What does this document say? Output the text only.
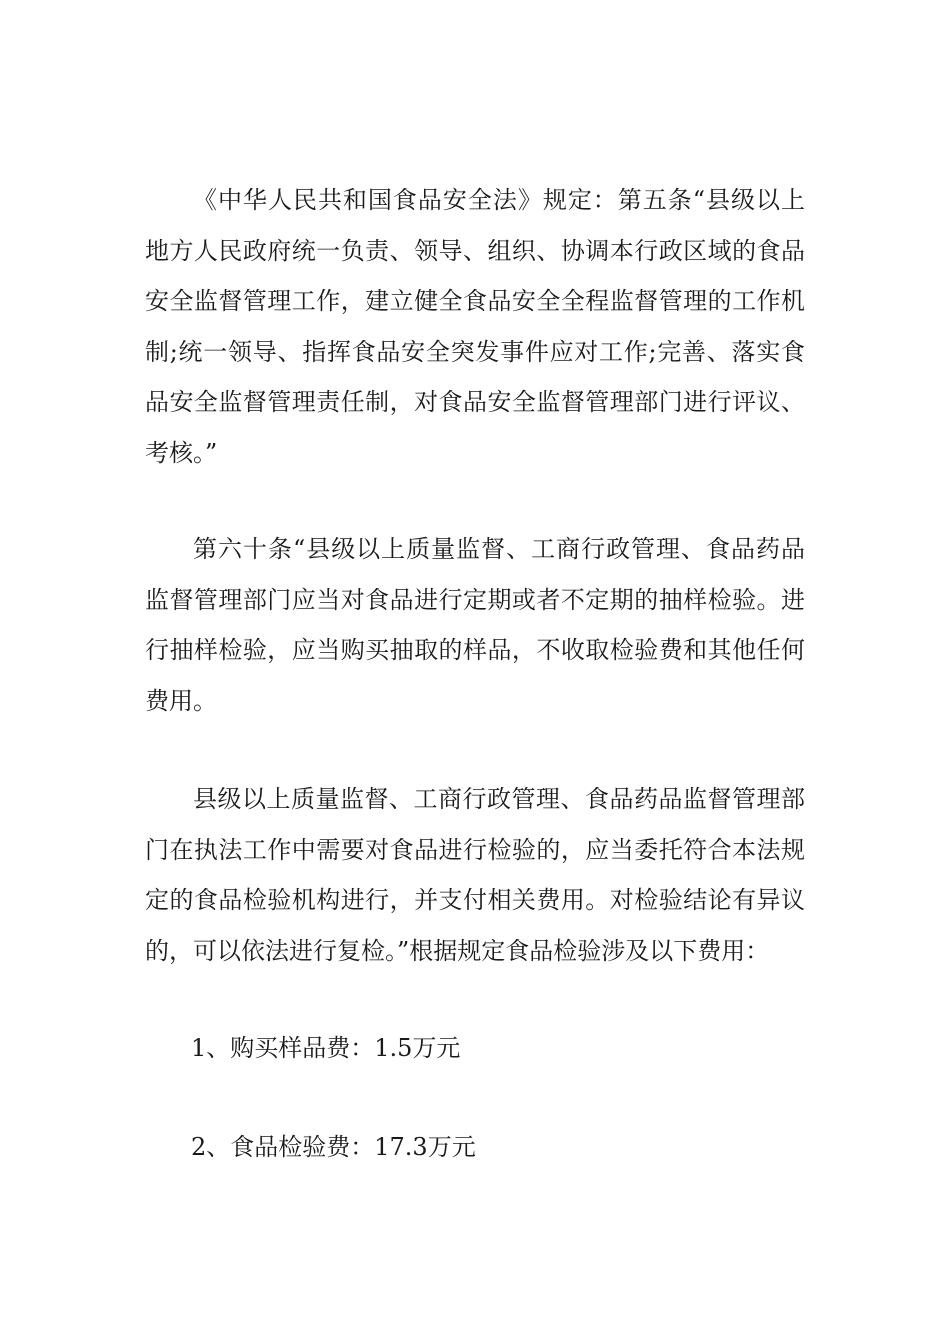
《中华人民共和国食品安全法》规定：第五条“县级以上地方人民政府统一负责、领导、组织、协调本行政区域的食品安全监督管理工作，建立健全食品安全全程监督管理的工作机制;统一领导、指挥食品安全突发事件应对工作;完善、落实食品安全监督管理责任制，对食品安全监督管理部门进行评议、考核。”

第六十条“县级以上质量监督、工商行政管理、食品药品监督管理部门应当对食品进行定期或者不定期的抽样检验。进行抽样检验，应当购买抽取的样品，不收取检验费和其他任何费用。

县级以上质量监督、工商行政管理、食品药品监督管理部门在执法工作中需要对食品进行检验的，应当委托符合本法规定的食品检验机构进行，并支付相关费用。对检验结论有异议的，可以依法进行复检。”根据规定食品检验涉及以下费用：

1、购买样品费：1.5万元

2、食品检验费：17.3万元
